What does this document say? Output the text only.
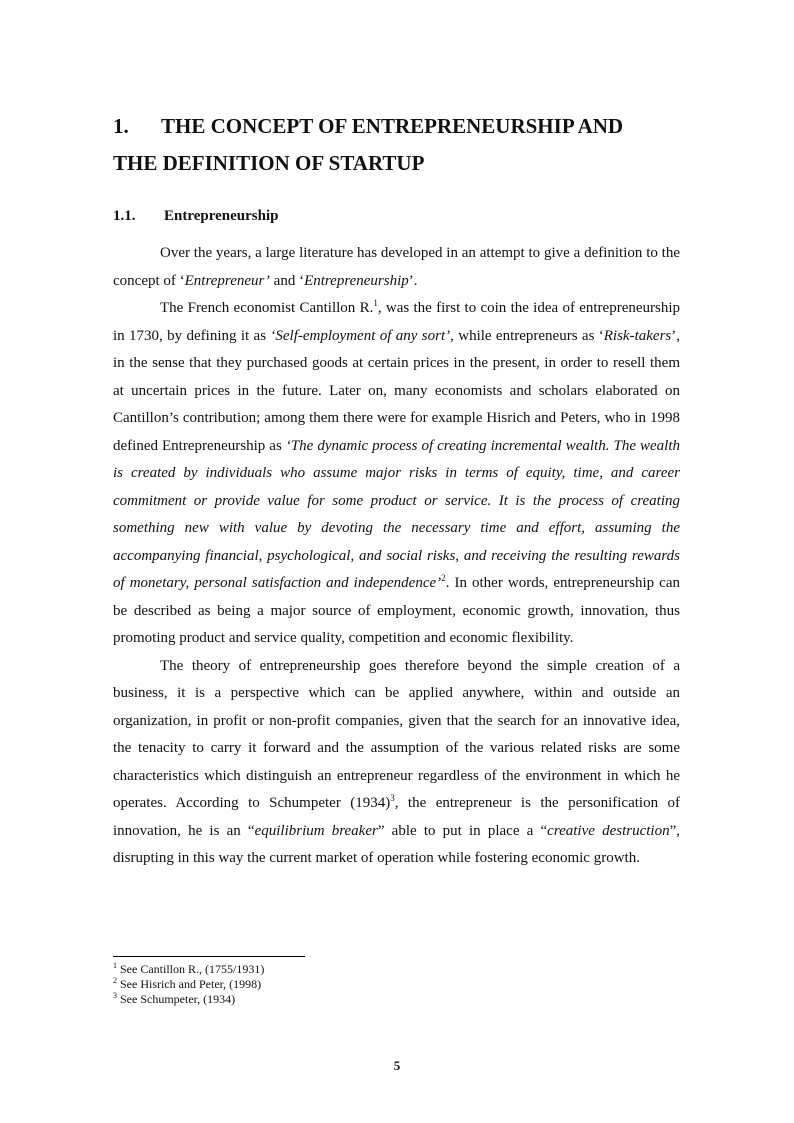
1. THE CONCEPT OF ENTREPRENEURSHIP AND
THE DEFINITION OF STARTUP
1.1. Entrepreneurship

Over the years, a large literature has developed in an attempt to give a definition to the concept of ‘Entrepreneur’ and ‘Entrepreneurship’.

The French economist Cantillon R.$^1$, was the first to coin the idea of entrepreneurship in 1730, by defining it as ‘Self-employment of any sort’, while entrepreneurs as ‘Risk-takers’, in the sense that they purchased goods at certain prices in the present, in order to resell them at uncertain prices in the future. Later on, many economists and scholars elaborated on Cantillon’s contribution; among them there were for example Hisrich and Peters, who in 1998 defined Entrepreneurship as ‘The dynamic process of creating incremental wealth. The wealth is created by individuals who assume major risks in terms of equity, time, and career commitment or provide value for some product or service. It is the process of creating something new with value by devoting the necessary time and effort, assuming the accompanying financial, psychological, and social risks, and receiving the resulting rewards of monetary, personal satisfaction and independence’$^2$. In other words, entrepreneurship can be described as being a major source of employment, economic growth, innovation, thus promoting product and service quality, competition and economic flexibility.

The theory of entrepreneurship goes therefore beyond the simple creation of a business, it is a perspective which can be applied anywhere, within and outside an organization, in profit or non-profit companies, given that the search for an innovative idea, the tenacity to carry it forward and the assumption of the various related risks are some characteristics which distinguish an entrepreneur regardless of the environment in which he operates. According to Schumpeter $(1934)^3$, the entrepreneur is the personification of innovation, he is an “equilibrium breaker” able to put in place a “creative destruction”, disrupting in this way the current market of operation while fostering economic growth.

$^1$ See Cantillon R., (1755/1931)

$^2$ See Hisrich and Peter, (1998)

$^3$ See Schumpeter, (1934)

5
